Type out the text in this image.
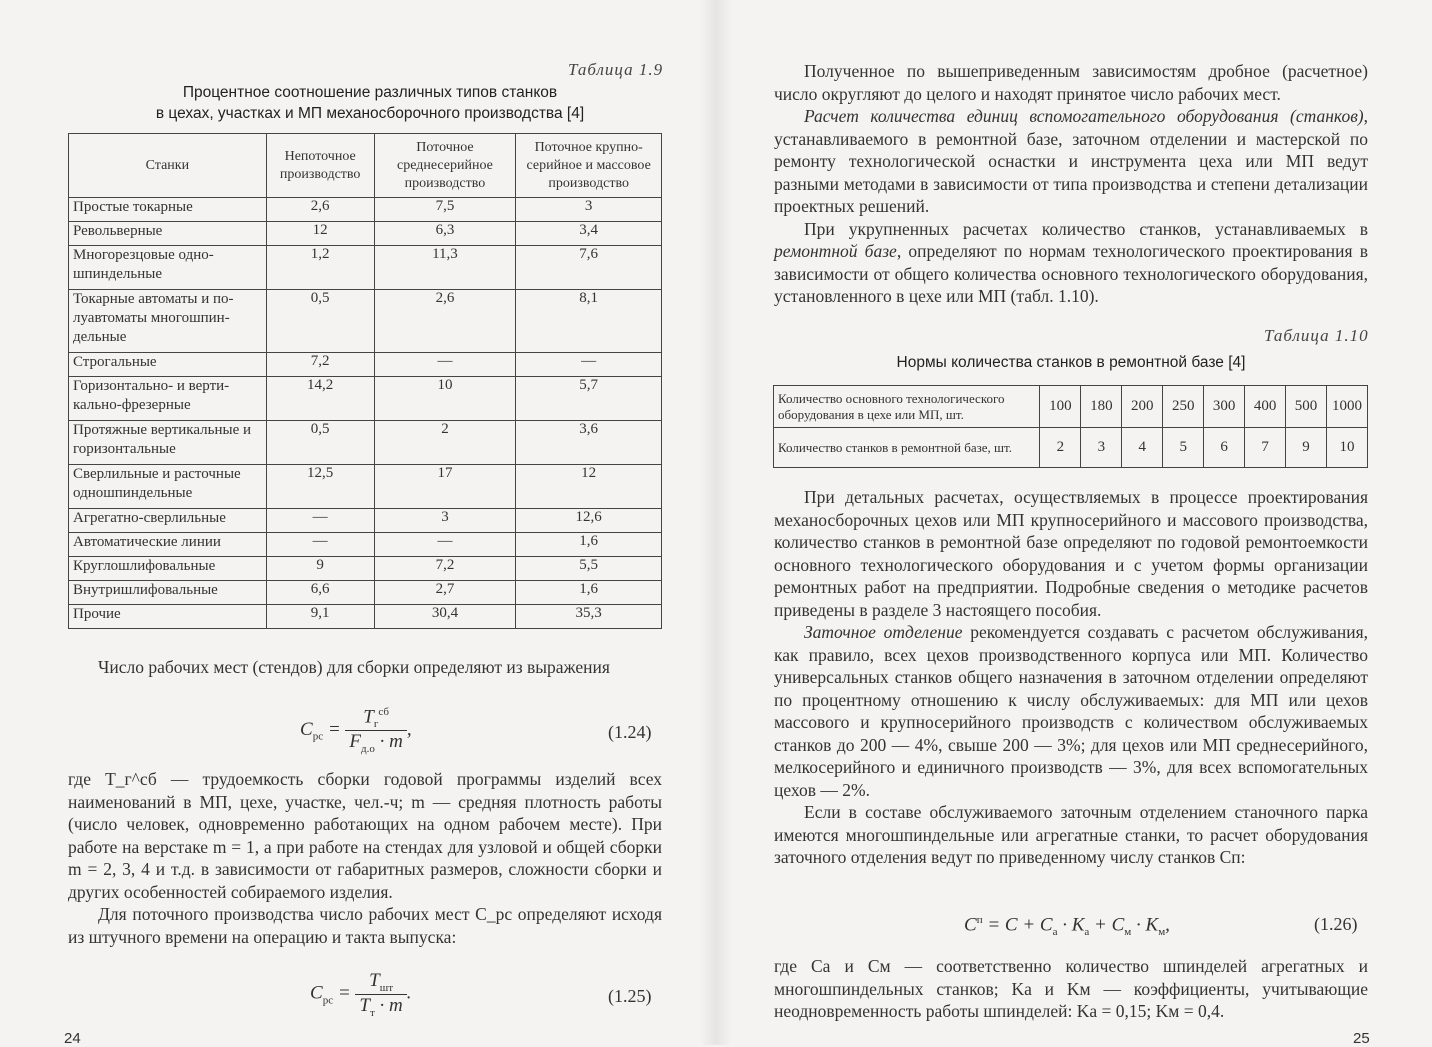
Таблица 1.9
Процентное соотношение различных типов станков
в цехах, участках и МП механосборочного производства [4]
Станки	Непоточное производство	Поточное среднесерийное производство	Поточное крупно-серийное и массовое производство
Простые токарные	2,6	7,5	3
Револьверные	12	6,3	3,4
Многорезцовые одно-шпиндельные	1,2	11,3	7,6
Токарные автоматы и по-луавтоматы многошпин-дельные	0,5	2,6	8,1
Строгальные	7,2	—	—
Горизонтально- и верти-кально-фрезерные	14,2	10	5,7
Протяжные вертикальные и горизонтальные	0,5	2	3,6
Сверлильные и расточные одношпиндельные	12,5	17	12
Агрегатно-сверлильные	—	3	12,6
Автоматические линии	—	—	1,6
Круглошлифовальные	9	7,2	5,5
Внутришлифовальные	6,6	2,7	1,6
Прочие	9,1	30,4	35,3

Число рабочих мест (стендов) для сборки определяют из выражения

$C_{рс} = \frac{T_г^{сб}}{F_{д.о} \cdot m}$ ,	(1.24)

где T_г^сб — трудоемкость сборки годовой программы изделий всех наименований в МП, цехе, участке, чел.-ч; m — средняя плотность работы (число человек, одновременно работающих на одном рабочем месте). При работе на верстаке m = 1, а при работе на стендах для узловой и общей сборки m = 2, 3, 4 и т.д. в зависимости от габаритных размеров, сложности сборки и других особенностей собираемого изделия.

Для поточного производства число рабочих мест C_рс определяют исходя из штучного времени на операцию и такта выпуска:

$C_{рс} = \frac{T_{шт}}{T_т \cdot m}$ .	(1.25)
24

Полученное по вышеприведенным зависимостям дробное (расчетное) число округляют до целого и находят принятое число рабочих мест.

Расчет количества единиц вспомогательного оборудования (станков), устанавливаемого в ремонтной базе, заточном отделении и мастерской по ремонту технологической оснастки и инструмента цеха или МП ведут разными методами в зависимости от типа производства и степени детализации проектных решений.

При укрупненных расчетах количество станков, устанавливаемых в ремонтной базе, определяют по нормам технологического проектирования в зависимости от общего количества основного технологического оборудования, установленного в цехе или МП (табл. 1.10).

Таблица 1.10
Нормы количества станков в ремонтной базе [4]
Количество основного технологического оборудования в цехе или МП, шт.	100	180	200	250	300	400	500	1000
Количество станков в ремонтной базе, шт.	2	3	4	5	6	7	9	10

При детальных расчетах, осуществляемых в процессе проектирования механосборочных цехов или МП крупносерийного и массового производства, количество станков в ремонтной базе определяют по годовой ремонтоемкости основного технологического оборудования и с учетом формы организации ремонтных работ на предприятии. Подробные сведения о методике расчетов приведены в разделе 3 настоящего пособия.

Заточное отделение рекомендуется создавать с расчетом обслуживания, как правило, всех цехов производственного корпуса или МП. Количество универсальных станков общего назначения в заточном отделении определяют по процентному отношению к числу обслуживаемых: для МП или цехов массового и крупносерийного производств с количеством обслуживаемых станков до 200 — 4%, свыше 200 — 3%; для цехов или МП среднесерийного, мелкосерийного и единичного производств — 3%, для всех вспомогательных цехов — 2%.

Если в составе обслуживаемого заточным отделением станочного парка имеются многошпиндельные или агрегатные станки, то расчет оборудования заточного отделения ведут по приведенному числу станков Cп:

$C^п = C + C_а \cdot K_а + C_м \cdot K_м$,	(1.26)

где Cа и Cм — соответственно количество шпинделей агрегатных и многошпиндельных станков; Kа и Kм — коэффициенты, учитывающие неодновременность работы шпинделей: Kа = 0,15; Kм = 0,4.

25
